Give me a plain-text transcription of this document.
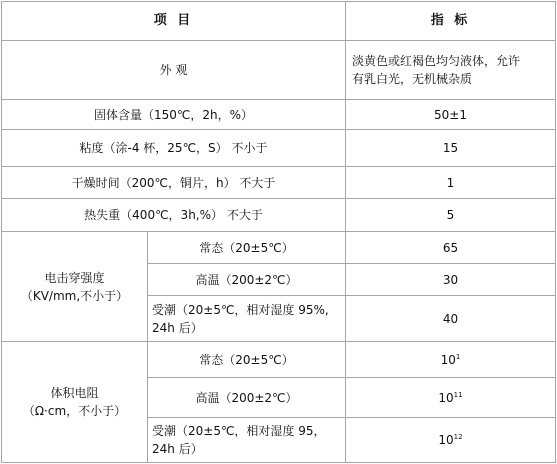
项 目		指 标
外 观		淡黄色或红褐色均匀液体，允许
有乳白光，无机械杂质

固体含量（150℃，2h，%）		50±1
粘度（涂-4 杯，25℃，S） 不小于		15
干燥时间（200℃，铜片，h） 不大于		1
热失重（400℃，3h,%） 不大于		5

电击穿强度
（KV/mm,不小于）	常态（20±5℃）	65
	高温（200±2℃）	30

	受潮（20±5℃，相对湿度 95%,
24h 后）	40

体积电阻
（Ω·cm，不小于）	常态（20±5℃）	$10^1$
	高温（200±2℃）	$10^{11}$

	受潮（20±5℃，相对湿度 95，
24h 后）	$10^{12}$
